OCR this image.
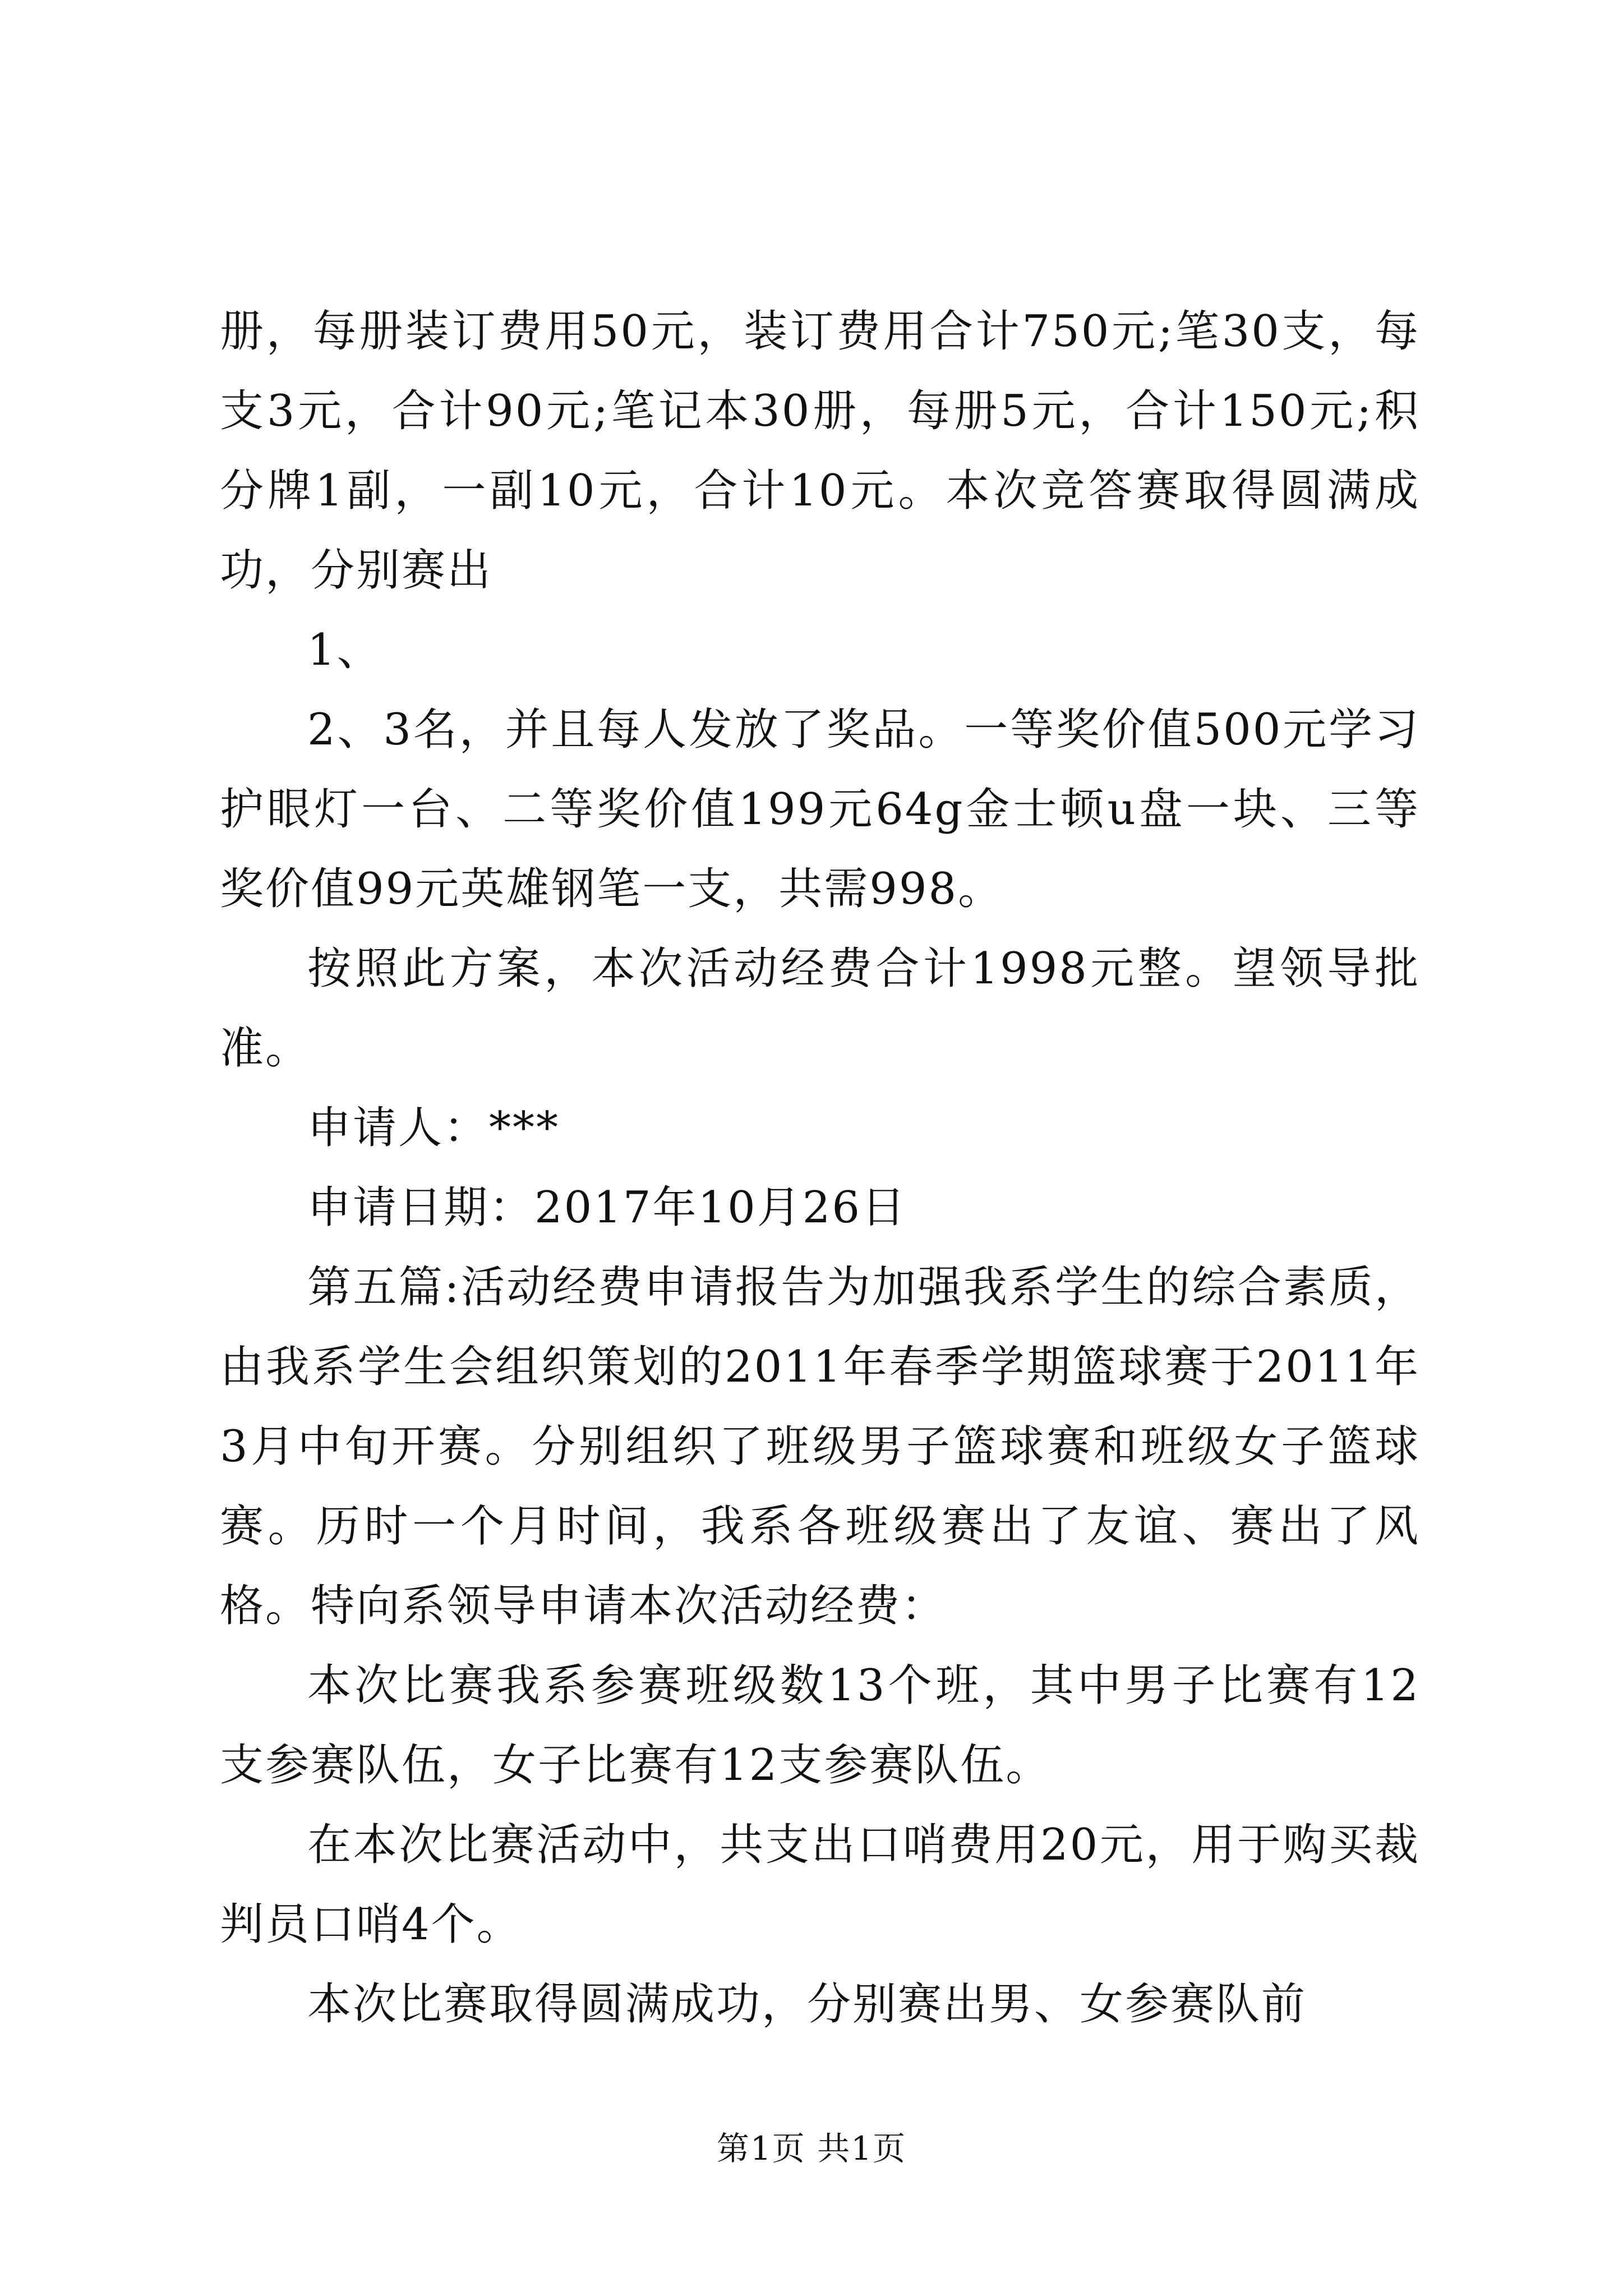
册，每册装订费用50元，装订费用合计750元;笔30支，每支3元，合计90元;笔记本30册，每册5元，合计150元;积分牌1副，一副10元，合计10元。本次竞答赛取得圆满成功，分别赛出

1、

2、3名，并且每人发放了奖品。一等奖价值500元学习护眼灯一台、二等奖价值199元64g金士顿u盘一块、三等奖价值99元英雄钢笔一支，共需998。

按照此方案，本次活动经费合计1998元整。望领导批准。

申请人：***

申请日期：2017年10月26日

第五篇:活动经费申请报告为加强我系学生的综合素质，由我系学生会组织策划的2011年春季学期篮球赛于2011年3月中旬开赛。分别组织了班级男子篮球赛和班级女子篮球赛。历时一个月时间，我系各班级赛出了友谊、赛出了风格。特向系领导申请本次活动经费：

本次比赛我系参赛班级数13个班，其中男子比赛有12支参赛队伍，女子比赛有12支参赛队伍。

在本次比赛活动中，共支出口哨费用20元，用于购买裁判员口哨4个。

本次比赛取得圆满成功，分别赛出男、女参赛队前

第1页 共1页
